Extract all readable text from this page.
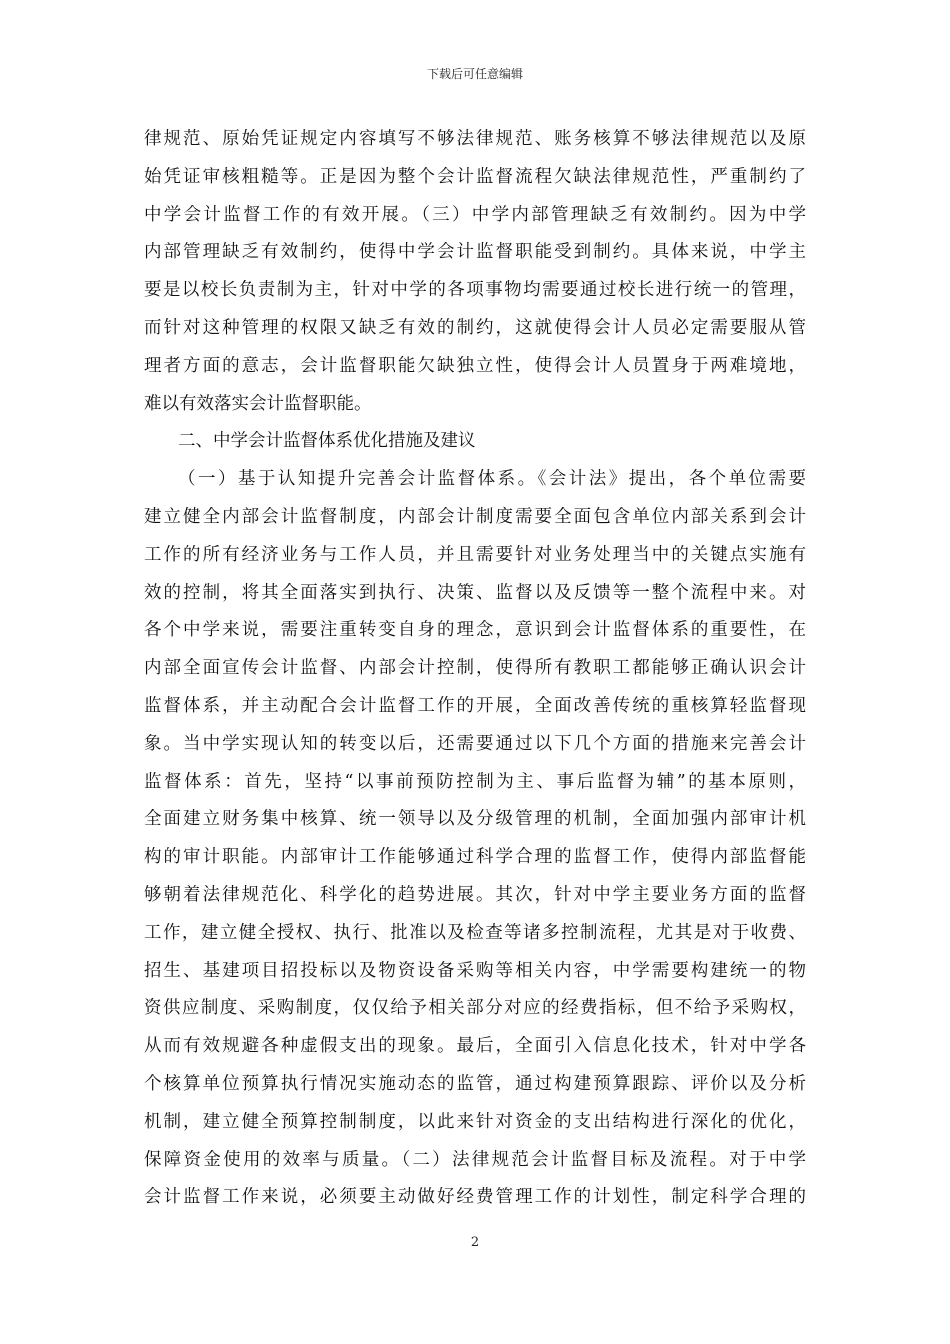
下载后可任意编辑
律规范、原始凭证规定内容填写不够法律规范、账务核算不够法律规范以及原
始凭证审核粗糙等。正是因为整个会计监督流程欠缺法律规范性，严重制约了
中学会计监督工作的有效开展。（三）中学内部管理缺乏有效制约。因为中学
内部管理缺乏有效制约，使得中学会计监督职能受到制约。具体来说，中学主
要是以校长负责制为主，针对中学的各项事物均需要通过校长进行统一的管理，
而针对这种管理的权限又缺乏有效的制约，这就使得会计人员必定需要服从管
理者方面的意志，会计监督职能欠缺独立性，使得会计人员置身于两难境地，
难以有效落实会计监督职能。
二、中学会计监督体系优化措施及建议
（一）基于认知提升完善会计监督体系。《会计法》提出，各个单位需要
建立健全内部会计监督制度，内部会计制度需要全面包含单位内部关系到会计
工作的所有经济业务与工作人员，并且需要针对业务处理当中的关键点实施有
效的控制，将其全面落实到执行、决策、监督以及反馈等一整个流程中来。对
各个中学来说，需要注重转变自身的理念，意识到会计监督体系的重要性，在
内部全面宣传会计监督、内部会计控制，使得所有教职工都能够正确认识会计
监督体系，并主动配合会计监督工作的开展，全面改善传统的重核算轻监督现
象。当中学实现认知的转变以后，还需要通过以下几个方面的措施来完善会计
监督体系：首先，坚持“以事前预防控制为主、事后监督为辅”的基本原则，
全面建立财务集中核算、统一领导以及分级管理的机制，全面加强内部审计机
构的审计职能。内部审计工作能够通过科学合理的监督工作，使得内部监督能
够朝着法律规范化、科学化的趋势进展。其次，针对中学主要业务方面的监督
工作，建立健全授权、执行、批准以及检查等诸多控制流程，尤其是对于收费、
招生、基建项目招投标以及物资设备采购等相关内容，中学需要构建统一的物
资供应制度、采购制度，仅仅给予相关部分对应的经费指标，但不给予采购权，
从而有效规避各种虚假支出的现象。最后，全面引入信息化技术，针对中学各
个核算单位预算执行情况实施动态的监管，通过构建预算跟踪、评价以及分析
机制，建立健全预算控制制度，以此来针对资金的支出结构进行深化的优化，
保障资金使用的效率与质量。（二）法律规范会计监督目标及流程。对于中学
会计监督工作来说，必须要主动做好经费管理工作的计划性，制定科学合理的
2
